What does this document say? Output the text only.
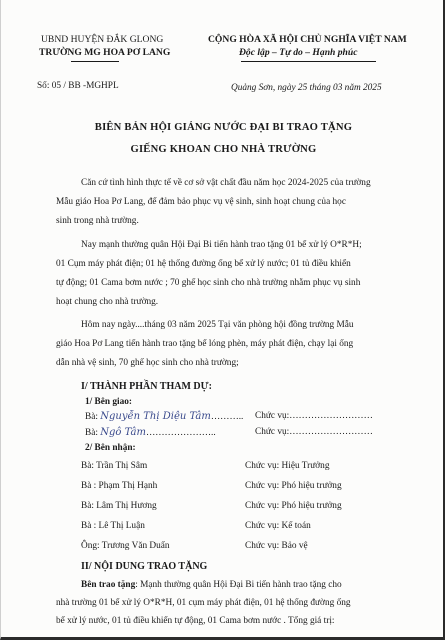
UBND HUYỆN ĐẮK GLONG
TRƯỜNG MG HOA PƠ LANG
CỘNG HÒA XÃ HỘI CHỦ NGHĨA VIỆT NAM
Độc lập – Tự do – Hạnh phúc
Số: 05 / BB -MGHPL	Quảng Sơn, ngày 25 tháng 03 năm 2025
BIÊN BẢN HỘI GIẢNG NƯỚC ĐẠI BI TRAO TẶNG
GIẾNG KHOAN CHO NHÀ TRƯỜNG
Căn cứ tình hình thực tế về cơ sở vật chất đầu năm học 2024-2025 của trường
Mẫu giáo Hoa Pơ Lang, để đảm bảo phục vụ vệ sinh, sinh hoạt chung của học
sinh trong nhà trường.
Nay mạnh thường quân Hội Đại Bi tiến hành trao tặng 01 bể xử lý O*R*H;
01 Cụm máy phát điện; 01 hệ thống đường ống bể xử lý nước; 01 tủ điều khiển
tự động; 01 Cama bơm nước ; 70 ghế học sinh cho nhà trường nhằm phục vụ sinh
hoạt chung cho nhà trường.
Hôm nay ngày....tháng 03 năm 2025 Tại văn phòng hội đồng trường Mẫu
giáo Hoa Pơ Lang tiến hành trao tặng bể lóng phèn, máy phát điện, chạy lại ống
dẫn nhà vệ sinh, 70 ghế học sinh cho nhà trường;
I/ THÀNH PHẦN THAM DỰ:
1/ Bên giao:
Bà: Nguyễn Thị Diệu Tâm……….. Chức vụ:………………………
Bà: Ngô Tâm…………………..	Chức vụ:………………………
2/ Bên nhận:
Bà: Trần Thị Sâm	Chức vụ: Hiệu Trưởng
Bà : Phạm Thị Hạnh	Chức vụ: Phó hiệu trưởng
Bà: Lâm Thị Hương	Chức vụ: Phó hiệu trưởng
Bà : Lê Thị Luận	Chức vụ: Kế toán
Ông: Trương Văn Duẩn	Chức vụ: Bảo vệ
II/ NỘI DUNG TRAO TẶNG
Bên trao tặng: Mạnh thường quân Hội Đại Bi tiến hành trao tặng cho
nhà trường 01 bể xử lý O*R*H, 01 cụm máy phát điện, 01 hệ thống đường ống
bể xử lý nước, 01 tủ điều khiển tự động, 01 Cama bơm nước . Tổng giá trị:
